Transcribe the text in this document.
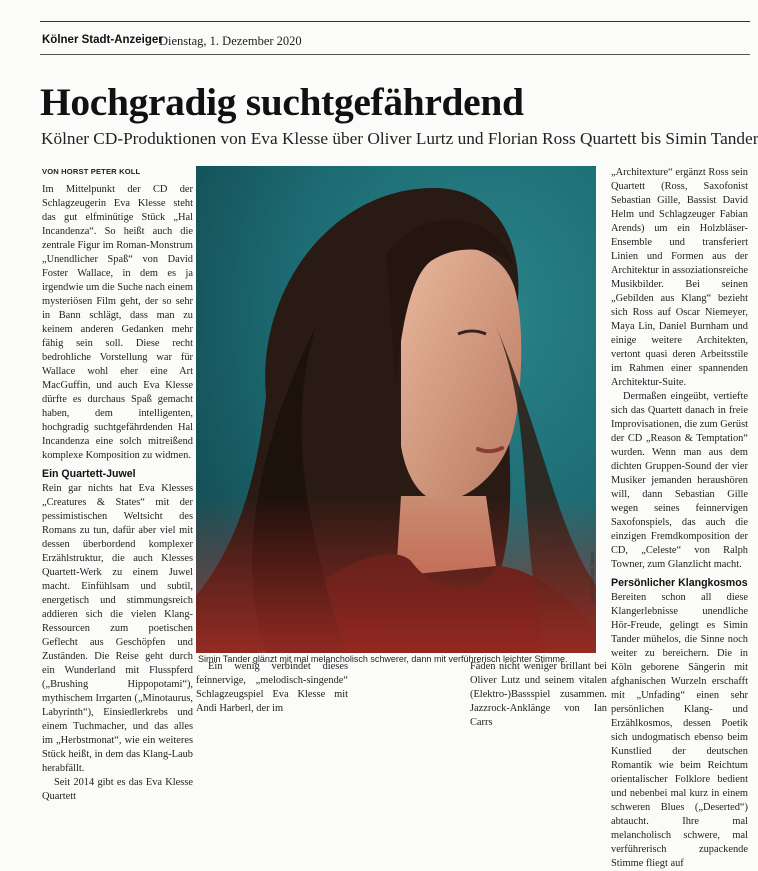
Kölner Stadt-Anzeiger
Dienstag, 1. Dezember 2020
Hochgradig suchtgefährdend
Kölner CD-Produktionen von Eva Klesse über Oliver Lurtz und Florian Ross Quartett bis Simin Tander
VON HORST PETER KOLL

Im Mittelpunkt der CD der Schlagzeugerin Eva Klesse steht das gut elfminütige Stück „Hal Incandenza“. So heißt auch die zentrale Figur im Roman-Monstrum „Unendlicher Spaß“ von David Foster Wallace, in dem es ja irgendwie um die Suche nach einem mysteriösen Film geht, der so sehr in Bann schlägt, dass man zu keinem anderen Gedanken mehr fähig sein soll. Diese recht bedrohliche Vorstellung war für Wallace wohl eher eine Art MacGuffin, und auch Eva Klesse dürfte es durchaus Spaß gemacht haben, dem intelligenten, hochgradig suchtgefährdenden Hal Incandenza eine solch mitreißend komplexe Komposition zu widmen.

Ein Quartett-Juwel

Rein gar nichts hat Eva Klesses „Creatures & States“ mit der pessimistischen Weltsicht des Romans zu tun, dafür aber viel mit dessen überbordend komplexer Erzählstruktur, die auch Klesses Quartett-Werk zu einem Juwel macht. Einfühlsam und subtil, energetisch und stimmungsreich addieren sich die vielen Klang-Ressourcen zum poetischen Geflecht aus Geschöpfen und Zuständen. Die Reise geht durch ein Wunderland mit Flusspferd („Brushing Hippopotami“), mythischem Irrgarten („Minotaurus, Labyrinth“), Einsiedlerkrebs und einem Tuchmacher, und das alles im „Herbstmonat“, wie ein weiteres Stück heißt, in dem das Klang-Laub herabfällt.

Seit 2014 gibt es das Eva Klesse Quartett

Foto: Matthias Kleeb
Simin Tander glänzt mit mal melancholisch schwerer, dann mit verführerisch leichter Stimme.

Ein wenig verbindet dieses feinnervige, „melodisch-singende“ Schlagzeugspiel Eva Klesse mit Andi Harberl, der im

Fäden nicht weniger brillant bei Oliver Lutz und seinem vitalen (Elektro-)Bassspiel zusammen. Jazzrock-Anklänge von Ian Carrs

„Architexture“ ergänzt Ross sein Quartett (Ross, Saxofonist Sebastian Gille, Bassist David Helm und Schlagzeuger Fabian Arends) um ein Holzbläser-Ensemble und transferiert Linien und Formen aus der Architektur in assoziationsreiche Musikbilder. Bei seinen „Gebilden aus Klang“ bezieht sich Ross auf Oscar Niemeyer, Maya Lin, Daniel Burnham und einige weitere Architekten, vertont quasi deren Arbeitsstile im Rahmen einer spannenden Architektur-Suite.

Dermaßen eingeübt, vertiefte sich das Quartett danach in freie Improvisationen, die zum Gerüst der CD „Reason & Temptation“ wurden. Wenn man aus dem dichten Gruppen-Sound der vier Musiker jemanden heraushören will, dann Sebastian Gille wegen seines feinnervigen Saxofonspiels, das auch die einzigen Fremdkomposition der CD, „Celeste“ von Ralph Towner, zum Glanzlicht macht.

Persönlicher Klangkosmos

Bereiten schon all diese Klangerlebnisse unendliche Hör-Freude, gelingt es Simin Tander mühelos, die Sinne noch weiter zu bereichern. Die in Köln geborene Sängerin mit afghanischen Wurzeln erschafft mit „Unfading“ einen sehr persönlichen Klang- und Erzählkosmos, dessen Poetik sich undogmatisch ebenso beim Kunstlied der deutschen Romantik wie beim Reichtum orientalischer Folklore bedient und nebenbei mal kurz in einem schweren Blues („Deserted“) abtaucht. Ihre mal melancholisch schwere, mal verführerisch zupackende Stimme fliegt auf
